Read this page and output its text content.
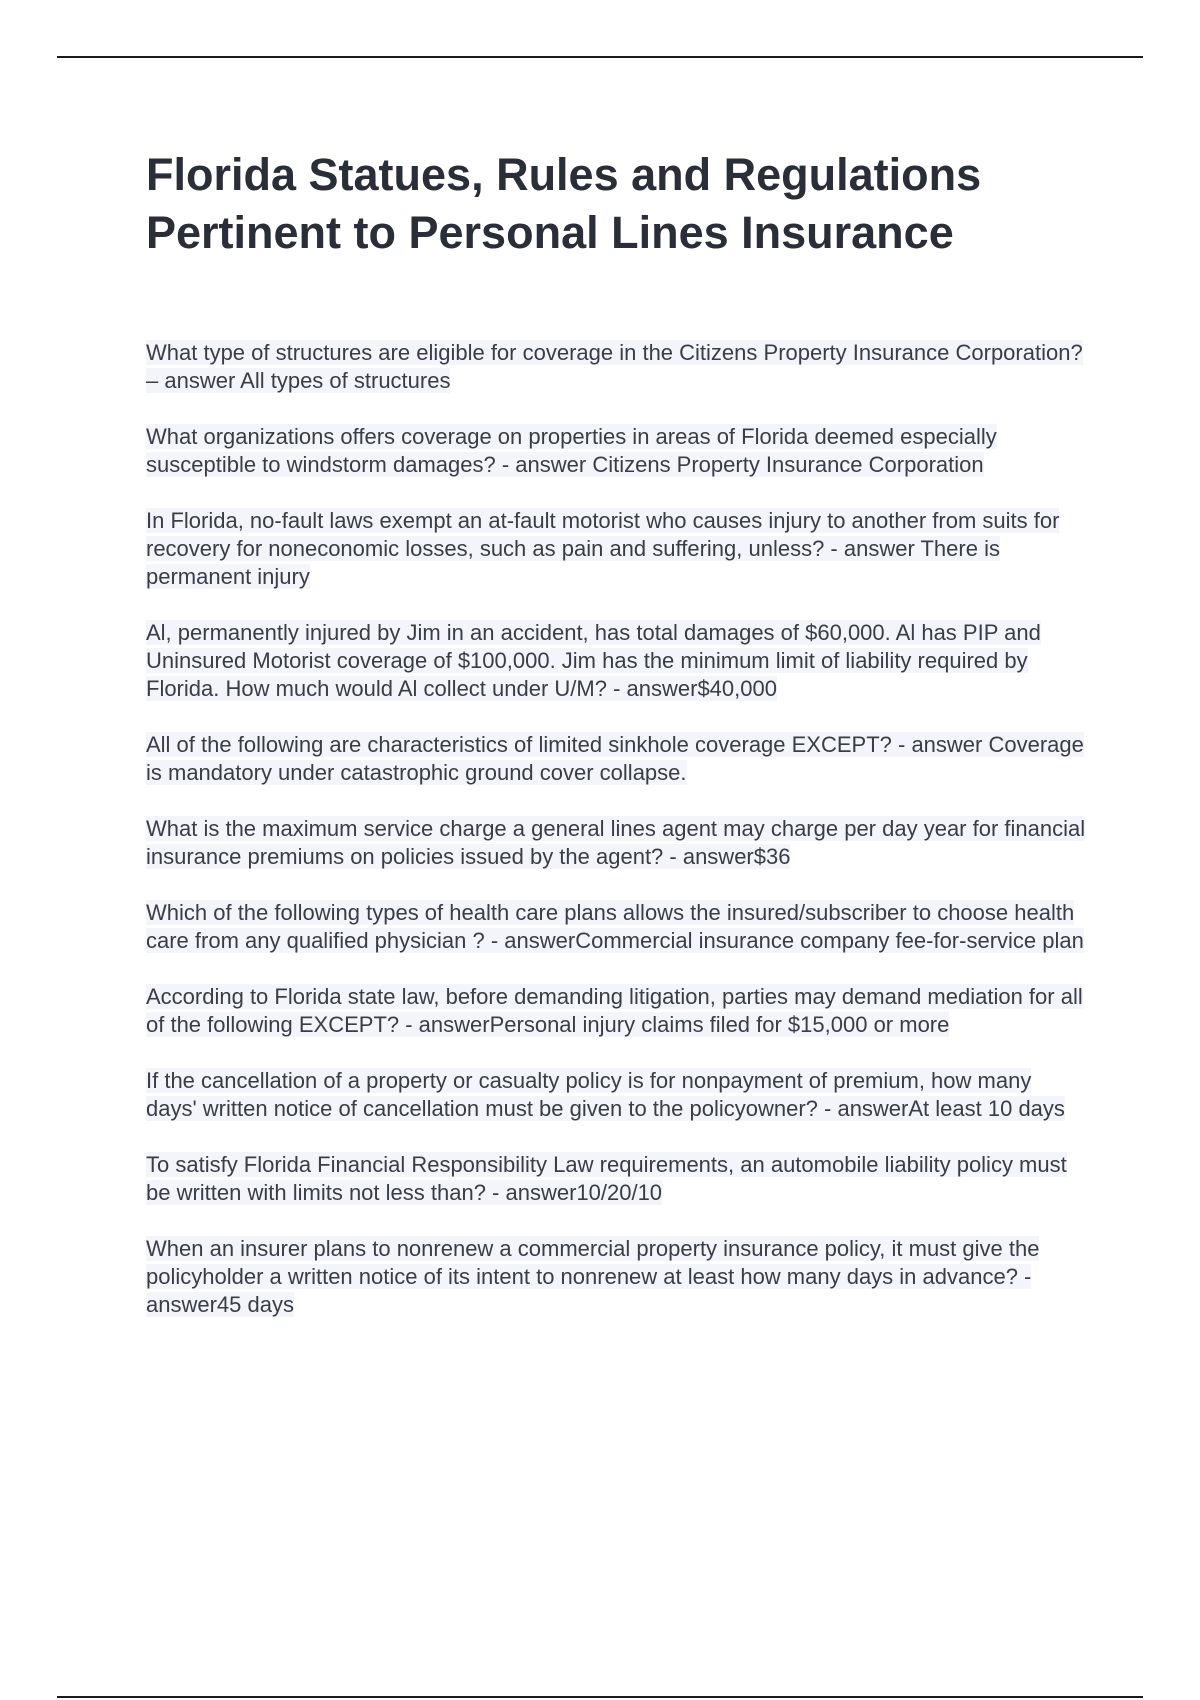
Florida Statues, Rules and Regulations
Pertinent to Personal Lines Insurance
What type of structures are eligible for coverage in the Citizens Property Insurance Corporation? – answer All types of structures
What organizations offers coverage on properties in areas of Florida deemed especially susceptible to windstorm damages? - answer Citizens Property Insurance Corporation
In Florida, no-fault laws exempt an at-fault motorist who causes injury to another from suits for recovery for noneconomic losses, such as pain and suffering, unless? - answer There is permanent injury
Al, permanently injured by Jim in an accident, has total damages of $60,000. Al has PIP and Uninsured Motorist coverage of $100,000. Jim has the minimum limit of liability required by Florida. How much would Al collect under U/M? - answer$40,000
All of the following are characteristics of limited sinkhole coverage EXCEPT? - answer Coverage is mandatory under catastrophic ground cover collapse.
What is the maximum service charge a general lines agent may charge per day year for financial insurance premiums on policies issued by the agent? - answer$36
Which of the following types of health care plans allows the insured/subscriber to choose health care from any qualified physician ? - answerCommercial insurance company fee-for-service plan
According to Florida state law, before demanding litigation, parties may demand mediation for all of the following EXCEPT? - answerPersonal injury claims filed for $15,000 or more
If the cancellation of a property or casualty policy is for nonpayment of premium, how many days' written notice of cancellation must be given to the policyowner? - answerAt least 10 days
To satisfy Florida Financial Responsibility Law requirements, an automobile liability policy must be written with limits not less than? - answer10/20/10
When an insurer plans to nonrenew a commercial property insurance policy, it must give the policyholder a written notice of its intent to nonrenew at least how many days in advance? - answer45 days
